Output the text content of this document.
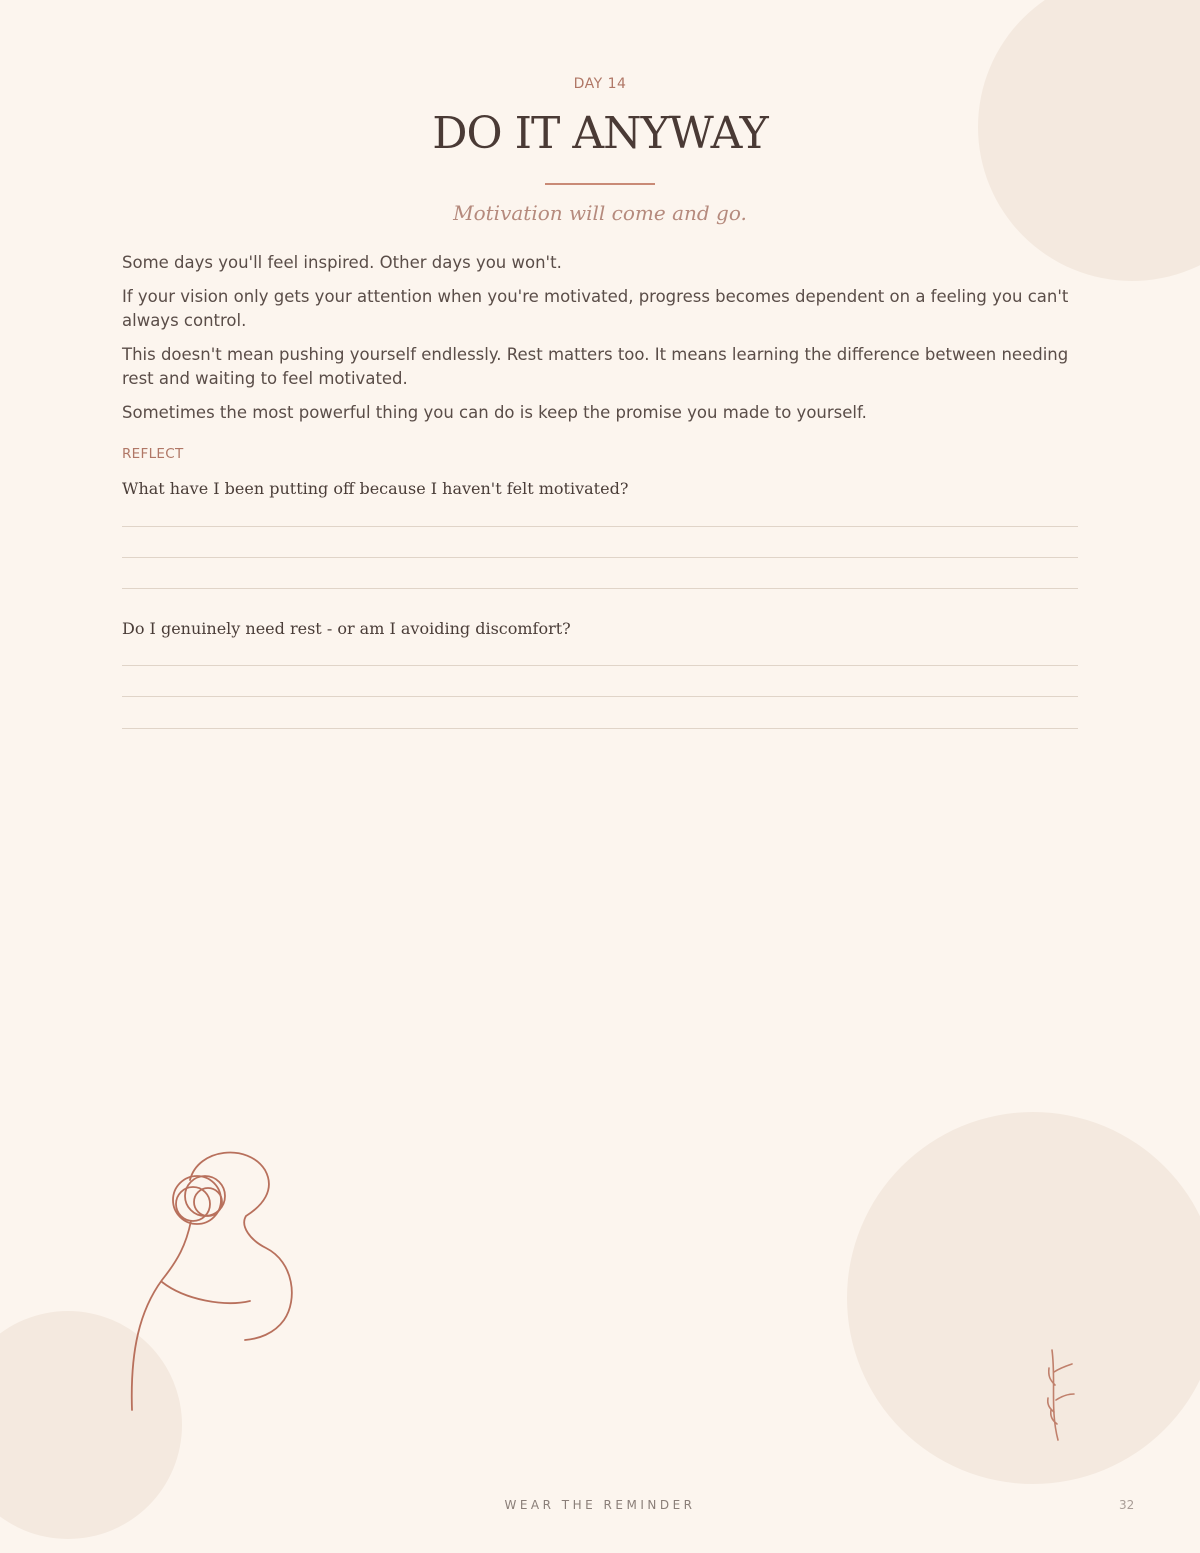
DAY 14
DO IT ANYWAY
Motivation will come and go.

Some days you'll feel inspired. Other days you won't.

If your vision only gets your attention when you're motivated, progress becomes dependent on a feeling you can't always control.

This doesn't mean pushing yourself endlessly. Rest matters too. It means learning the difference between needing rest and waiting to feel motivated.

Sometimes the most powerful thing you can do is keep the promise you made to yourself.

REFLECT
What have I been putting off because I haven't felt motivated?
Do I genuinely need rest - or am I avoiding discomfort?
WEAR THE REMINDER	32
